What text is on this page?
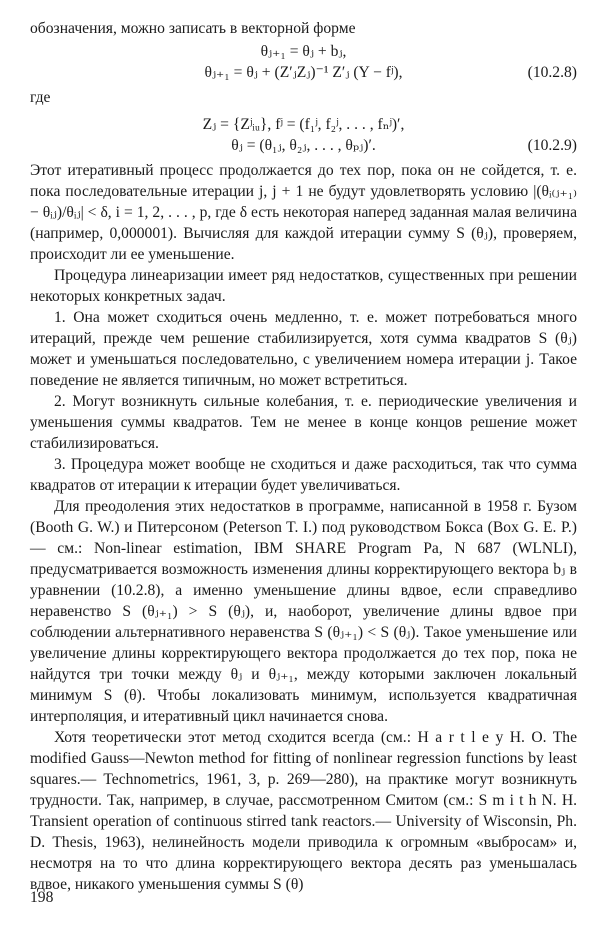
обозначения, можно записать в векторной форме

θⱼ₊₁ = θⱼ + bⱼ,
θⱼ₊₁ = θⱼ + (Z′ⱼZⱼ)⁻¹ Z′ⱼ (Y − fʲ),	(10.2.8)
где
Zⱼ = {Zʲᵢᵤ}, fʲ = (f₁ʲ, f₂ʲ, . . . , fₙʲ)′,
θⱼ = (θ₁ⱼ, θ₂ⱼ, . . . , θₚⱼ)′.	(10.2.9)

Этот итеративный процесс продолжается до тех пор, пока он не сойдется, т. е. пока последовательные итерации j, j + 1 не будут удовлетворять условию |(θᵢ₍ⱼ₊₁₎ − θᵢⱼ)/θᵢⱼ| < δ, i = 1, 2, . . . , p, где δ есть некоторая наперед заданная малая величина (например, 0,000001). Вычисляя для каждой итерации сумму S (θⱼ), проверяем, происходит ли ее уменьшение.

Процедура линеаризации имеет ряд недостатков, существенных при решении некоторых конкретных задач.

1. Она может сходиться очень медленно, т. е. может потребоваться много итераций, прежде чем решение стабилизируется, хотя сумма квадратов S (θⱼ) может и уменьшаться последовательно, с увеличением номера итерации j. Такое поведение не является типичным, но может встретиться.

2. Могут возникнуть сильные колебания, т. е. периодические увеличения и уменьшения суммы квадратов. Тем не менее в конце концов решение может стабилизироваться.

3. Процедура может вообще не сходиться и даже расходиться, так что сумма квадратов от итерации к итерации будет увеличиваться.

Для преодоления этих недостатков в программе, написанной в 1958 г. Бузом (Booth G. W.) и Питерсоном (Peterson T. I.) под руководством Бокса (Box G. E. P.) — см.: Non-linear estimation, IBM SHARE Program Pa, N 687 (WLNLI), предусматривается возможность изменения длины корректирующего вектора bⱼ в уравнении (10.2.8), а именно уменьшение длины вдвое, если справедливо неравенство S (θⱼ₊₁) > S (θⱼ), и, наоборот, увеличение длины вдвое при соблюдении альтернативного неравенства S (θⱼ₊₁) < S (θⱼ). Такое уменьшение или увеличение длины корректирующего вектора продолжается до тех пор, пока не найдутся три точки между θⱼ и θⱼ₊₁, между которыми заключен локальный минимум S (θ). Чтобы локализовать минимум, используется квадратичная интерполяция, и итеративный цикл начинается снова.

Хотя теоретически этот метод сходится всегда (см.: H a r t l e y H. O. The modified Gauss—Newton method for fitting of nonlinear regression functions by least squares.— Technometrics, 1961, 3, p. 269—280), на практике могут возникнуть трудности. Так, например, в случае, рассмотренном Смитом (см.: S m i t h N. H. Transient operation of continuous stirred tank reactors.— University of Wisconsin, Ph. D. Thesis, 1963), нелинейность модели приводила к огромным «выбросам» и, несмотря на то что длина корректирующего вектора десять раз уменьшалась вдвое, никакого уменьшения суммы S (θ)

198
